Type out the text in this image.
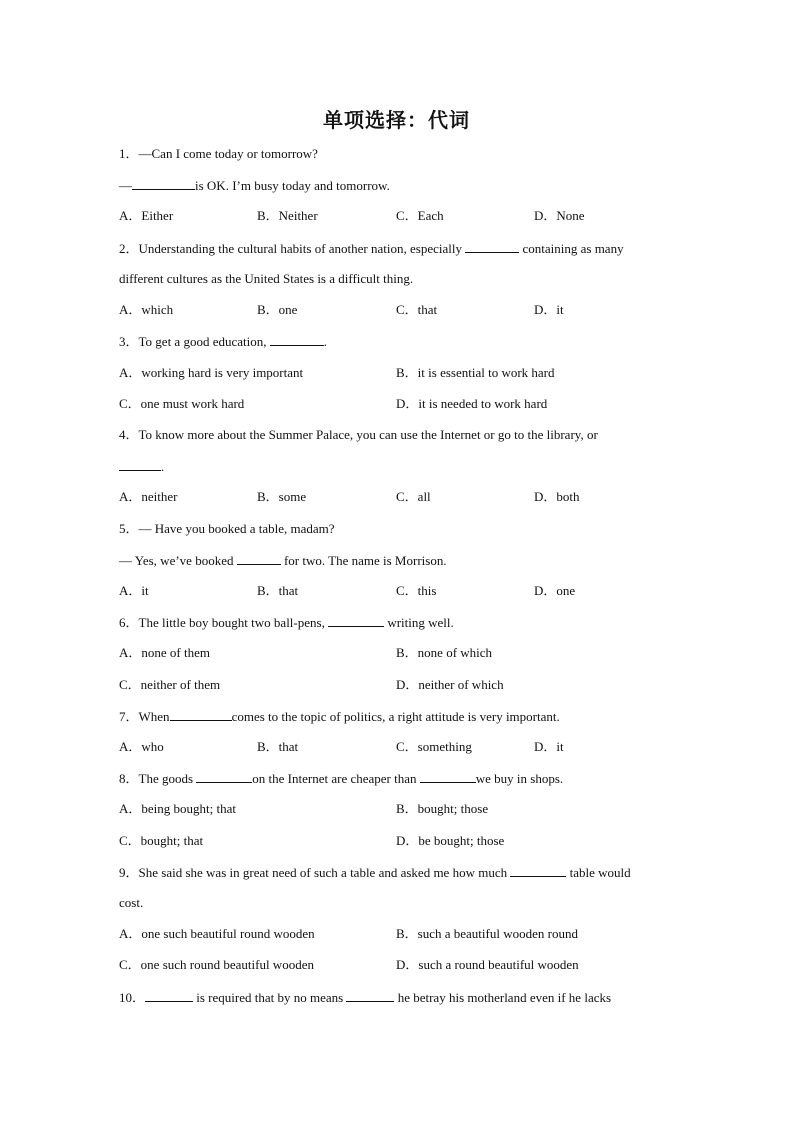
单项选择：代词
1．—Can I come today or tomorrow?
—	is OK. I’m busy today and tomorrow.
A．Either	B．Neither	C．Each	D．None
2．Understanding the cultural habits of another nation, especially	containing as many
different cultures as the United States is a difficult thing.
A．which	B．one	C．that	D．it
3．To get a good education,	.
A．working hard is very important	B．it is essential to work hard
C．one must work hard	D．it is needed to work hard
4．To know more about the Summer Palace, you can use the Internet or go to the library, or
.
A．neither	B．some	C．all	D．both
5．— Have you booked a table, madam?
— Yes, we’ve booked	for two. The name is Morrison.
A．it	B．that	C．this	D．one
6．The little boy bought two ball-pens,	writing well.
A．none of them	B．none of which
C．neither of them	D．neither of which
7．When	comes to the topic of politics, a right attitude is very important.
A．who	B．that	C．something	D．it
8．The goods	on the Internet are cheaper than	we buy in shops.
A．being bought; that	B．bought; those
C．bought; that	D．be bought; those
9．She said she was in great need of such a table and asked me how much	table would
cost.
A．one such beautiful round wooden	B．such a beautiful wooden round
C．one such round beautiful wooden	D．such a round beautiful wooden
10．	is required that by no means	he betray his motherland even if he lacks
